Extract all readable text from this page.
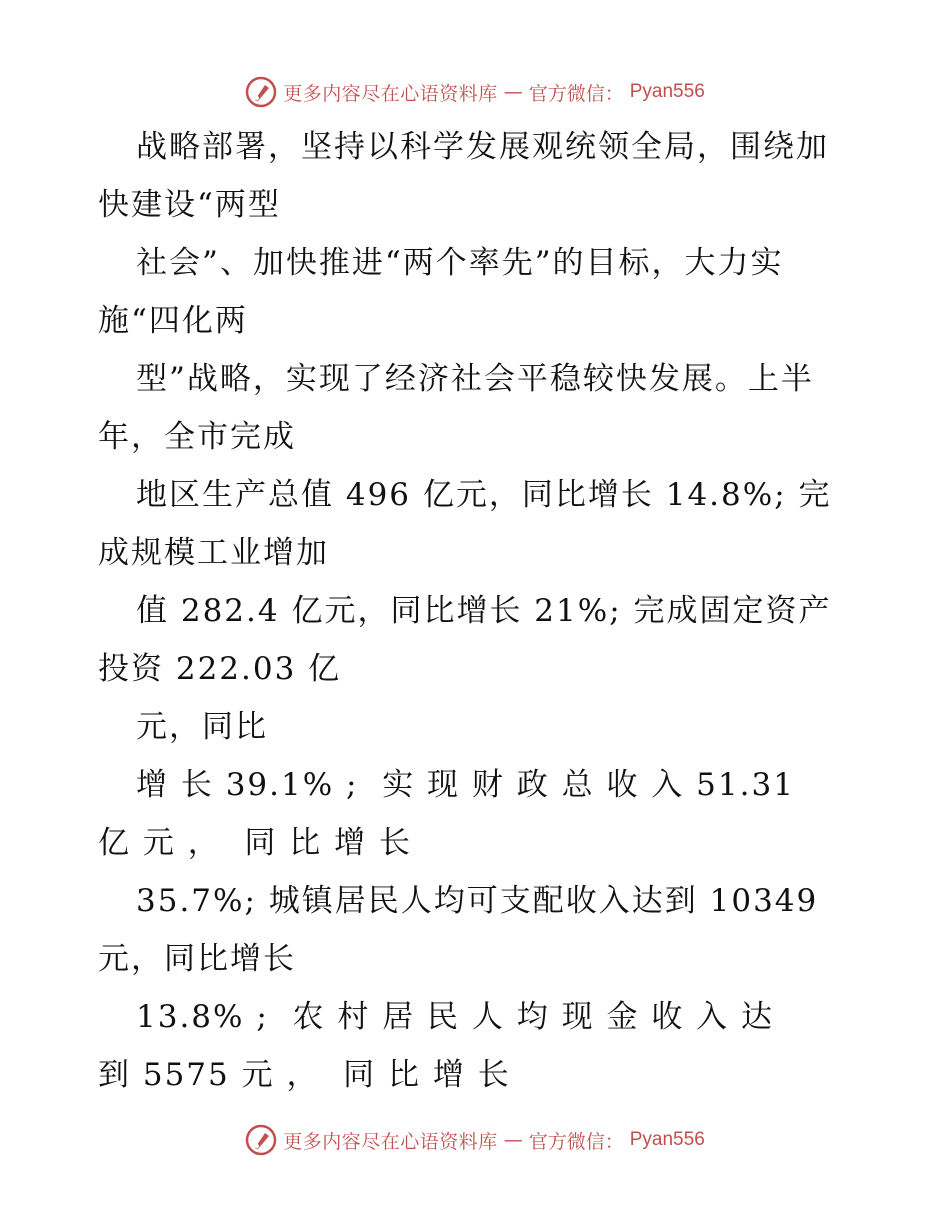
更多内容尽在心语资料库 — 官方微信： Pyan556
战略部署，坚持以科学发展观统领全局，围绕加
快建设“两型
社会”、加快推进“两个率先”的目标，大力实
施“四化两
型”战略，实现了经济社会平稳较快发展。上半
年，全市完成
地区生产总值 496 亿元，同比增长 14.8%; 完
成规模工业增加
值 282.4 亿元，同比增长 21%; 完成固定资产
投资 222.03 亿
元，同比
增 长 39.1% ;  实 现 财 政 总 收 入 51.31
亿 元 ，  同 比 增 长
35.7%; 城镇居民人均可支配收入达到 10349
元，同比增长
13.8% ;  农 村 居 民 人 均 现 金 收 入 达
到 5575 元 ，  同 比 增 长
更多内容尽在心语资料库 — 官方微信： Pyan556
